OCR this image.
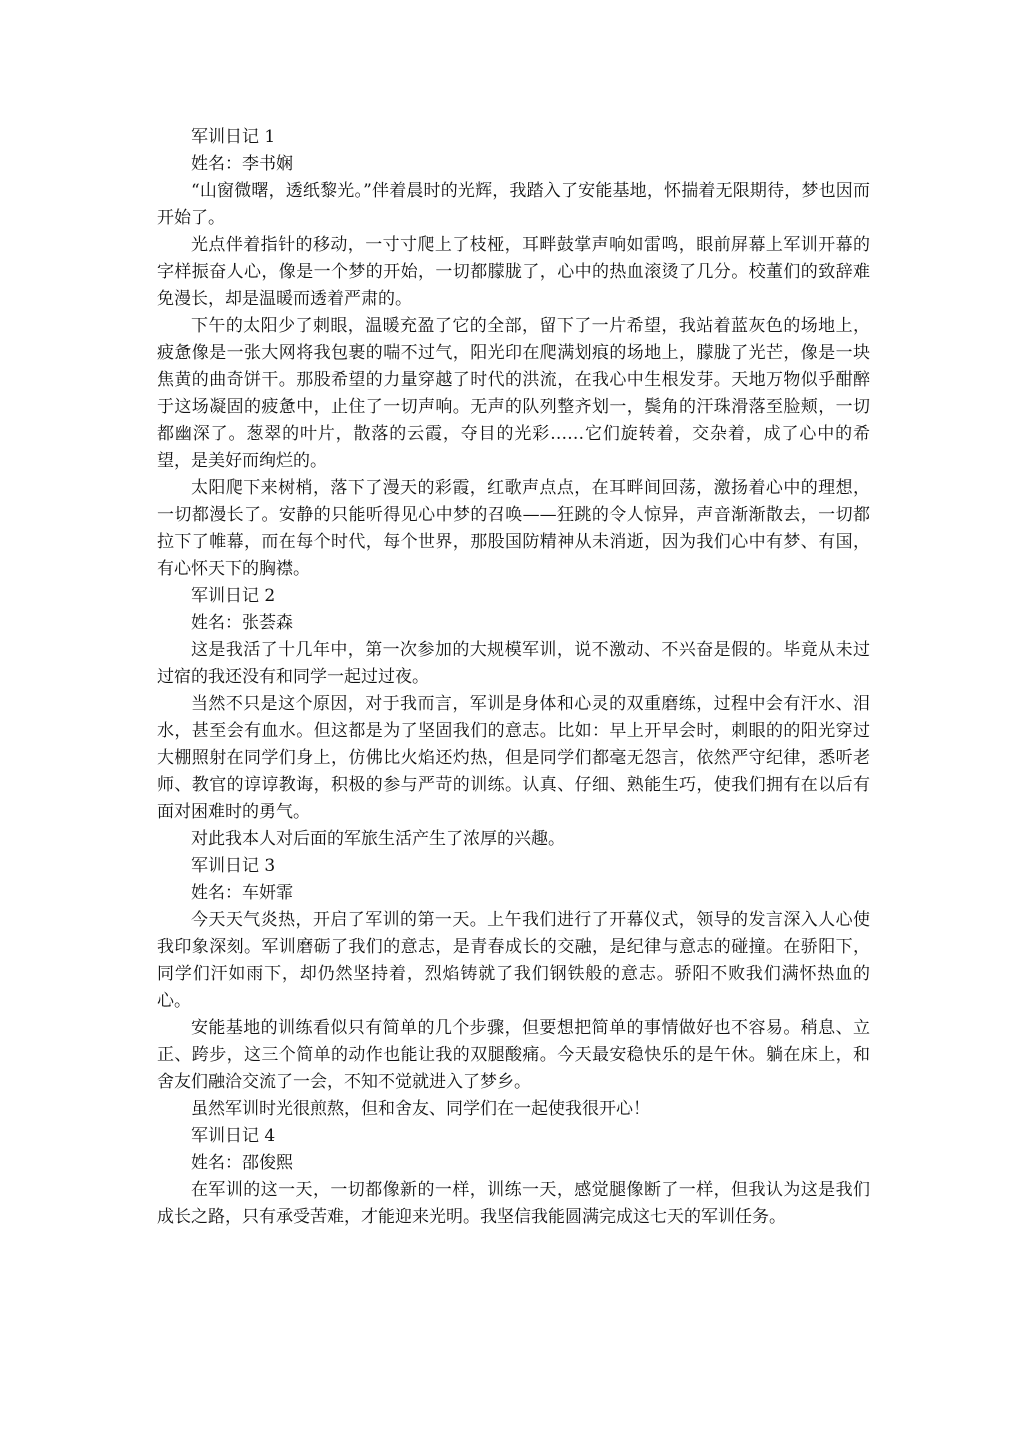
军训日记 1

姓名：李书娴

“山窗微曙，透纸黎光。”伴着晨时的光辉，我踏入了安能基地，怀揣着无限期待，梦也因而开始了。

光点伴着指针的移动，一寸寸爬上了枝桠，耳畔鼓掌声响如雷鸣，眼前屏幕上军训开幕的字样振奋人心，像是一个梦的开始，一切都朦胧了，心中的热血滚烫了几分。校董们的致辞难免漫长，却是温暖而透着严肃的。

下午的太阳少了刺眼，温暖充盈了它的全部，留下了一片希望，我站着蓝灰色的场地上，疲惫像是一张大网将我包裹的喘不过气，阳光印在爬满划痕的场地上，朦胧了光芒，像是一块焦黄的曲奇饼干。那股希望的力量穿越了时代的洪流，在我心中生根发芽。天地万物似乎酣醉于这场凝固的疲惫中，止住了一切声响。无声的队列整齐划一，鬓角的汗珠滑落至脸颊，一切都幽深了。葱翠的叶片，散落的云霞，夺目的光彩……它们旋转着，交杂着，成了心中的希望，是美好而绚烂的。

太阳爬下来树梢，落下了漫天的彩霞，红歌声点点，在耳畔间回荡，激扬着心中的理想，一切都漫长了。安静的只能听得见心中梦的召唤——狂跳的令人惊异，声音渐渐散去，一切都拉下了帷幕，而在每个时代，每个世界，那股国防精神从未消逝，因为我们心中有梦、有国，有心怀天下的胸襟。

军训日记 2

姓名：张荟森

这是我活了十几年中，第一次参加的大规模军训，说不激动、不兴奋是假的。毕竟从未过过宿的我还没有和同学一起过过夜。

当然不只是这个原因，对于我而言，军训是身体和心灵的双重磨练，过程中会有汗水、泪水，甚至会有血水。但这都是为了坚固我们的意志。比如：早上开早会时，刺眼的的阳光穿过大棚照射在同学们身上，仿佛比火焰还灼热，但是同学们都毫无怨言，依然严守纪律，悉听老师、教官的谆谆教诲，积极的参与严苛的训练。认真、仔细、熟能生巧，使我们拥有在以后有面对困难时的勇气。

对此我本人对后面的军旅生活产生了浓厚的兴趣。

军训日记 3

姓名：车妍霏

今天天气炎热，开启了军训的第一天。上午我们进行了开幕仪式，领导的发言深入人心使我印象深刻。军训磨砺了我们的意志，是青春成长的交融，是纪律与意志的碰撞。在骄阳下，同学们汗如雨下，却仍然坚持着，烈焰铸就了我们钢铁般的意志。骄阳不败我们满怀热血的心。

安能基地的训练看似只有简单的几个步骤，但要想把简单的事情做好也不容易。稍息、立正、跨步，这三个简单的动作也能让我的双腿酸痛。今天最安稳快乐的是午休。躺在床上，和舍友们融洽交流了一会，不知不觉就进入了梦乡。

虽然军训时光很煎熬，但和舍友、同学们在一起使我很开心！

军训日记 4

姓名：邵俊熙

在军训的这一天，一切都像新的一样，训练一天，感觉腿像断了一样，但我认为这是我们成长之路，只有承受苦难，才能迎来光明。我坚信我能圆满完成这七天的军训任务。
